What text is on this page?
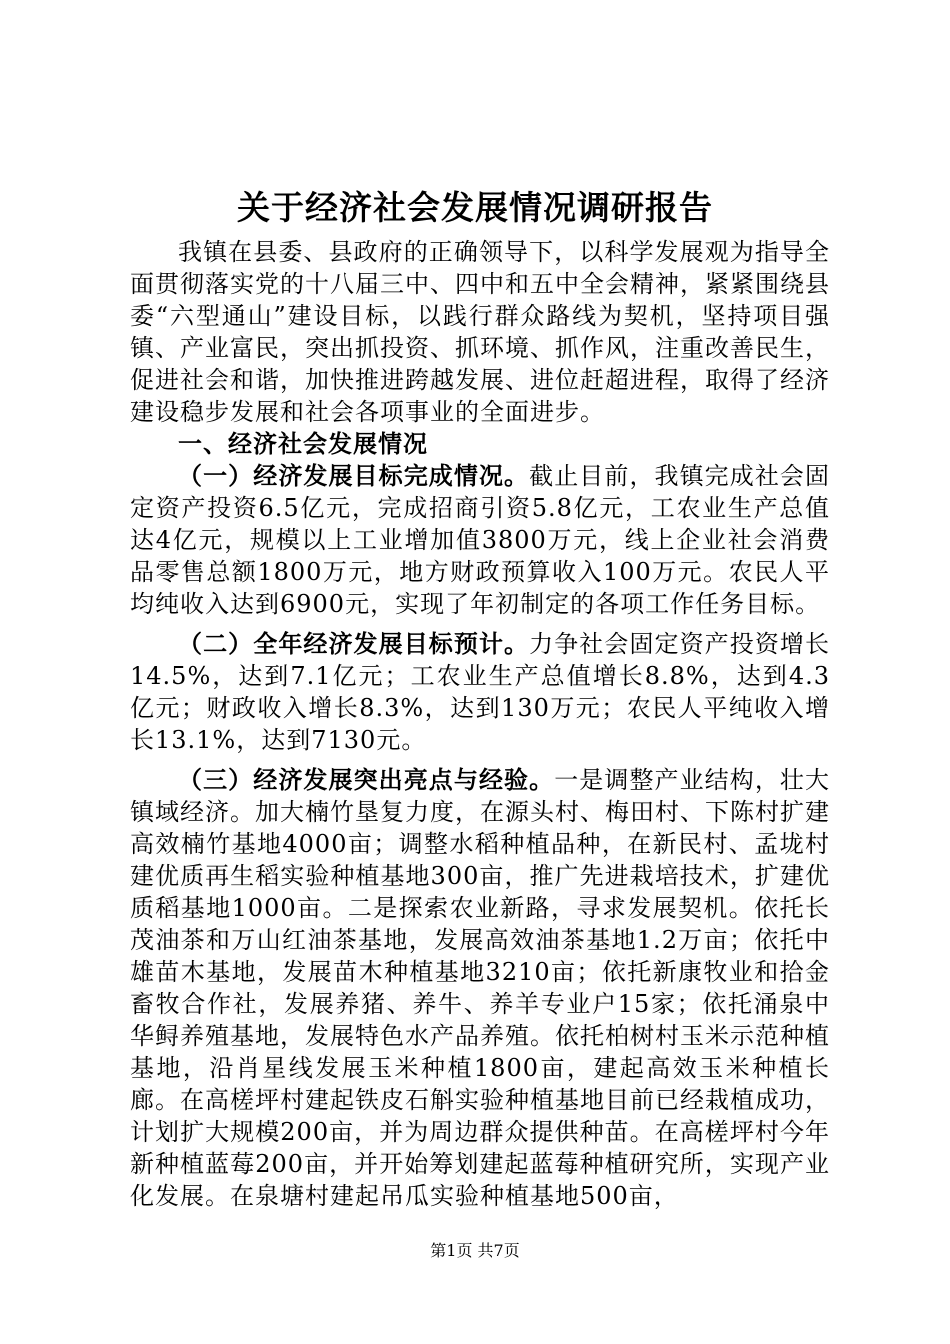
关于经济社会发展情况调研报告

我镇在县委、县政府的正确领导下，以科学发展观为指导全面贯彻落实党的十八届三中、四中和五中全会精神，紧紧围绕县委“六型通山”建设目标，以践行群众路线为契机，坚持项目强镇、产业富民，突出抓投资、抓环境、抓作风，注重改善民生，促进社会和谐，加快推进跨越发展、进位赶超进程，取得了经济建设稳步发展和社会各项事业的全面进步。

一、经济社会发展情况

（一）经济发展目标完成情况。截止目前，我镇完成社会固定资产投资6.5亿元，完成招商引资5.8亿元，工农业生产总值达4亿元，规模以上工业增加值3800万元，线上企业社会消费品零售总额1800万元，地方财政预算收入100万元。农民人平均纯收入达到6900元，实现了年初制定的各项工作任务目标。

（二）全年经济发展目标预计。力争社会固定资产投资增长14.5%，达到7.1亿元；工农业生产总值增长8.8%，达到4.3亿元；财政收入增长8.3%，达到130万元；农民人平纯收入增长13.1%，达到7130元。

（三）经济发展突出亮点与经验。一是调整产业结构，壮大镇域经济。加大楠竹垦复力度，在源头村、梅田村、下陈村扩建高效楠竹基地4000亩；调整水稻种植品种，在新民村、孟垅村建优质再生稻实验种植基地300亩，推广先进栽培技术，扩建优质稻基地1000亩。二是探索农业新路，寻求发展契机。依托长茂油茶和万山红油茶基地，发展高效油茶基地1.2万亩；依托中雄苗木基地，发展苗木种植基地3210亩；依托新康牧业和拾金畜牧合作社，发展养猪、养牛、养羊专业户15家；依托涌泉中华鲟养殖基地，发展特色水产品养殖。依托柏树村玉米示范种植基地，沿肖星线发展玉米种植1800亩，建起高效玉米种植长廊。在高槎坪村建起铁皮石斛实验种植基地目前已经栽植成功，计划扩大规模200亩，并为周边群众提供种苗。在高槎坪村今年新种植蓝莓200亩，并开始筹划建起蓝莓种植研究所，实现产业化发展。在泉塘村建起吊瓜实验种植基地500亩，

第1页 共7页
